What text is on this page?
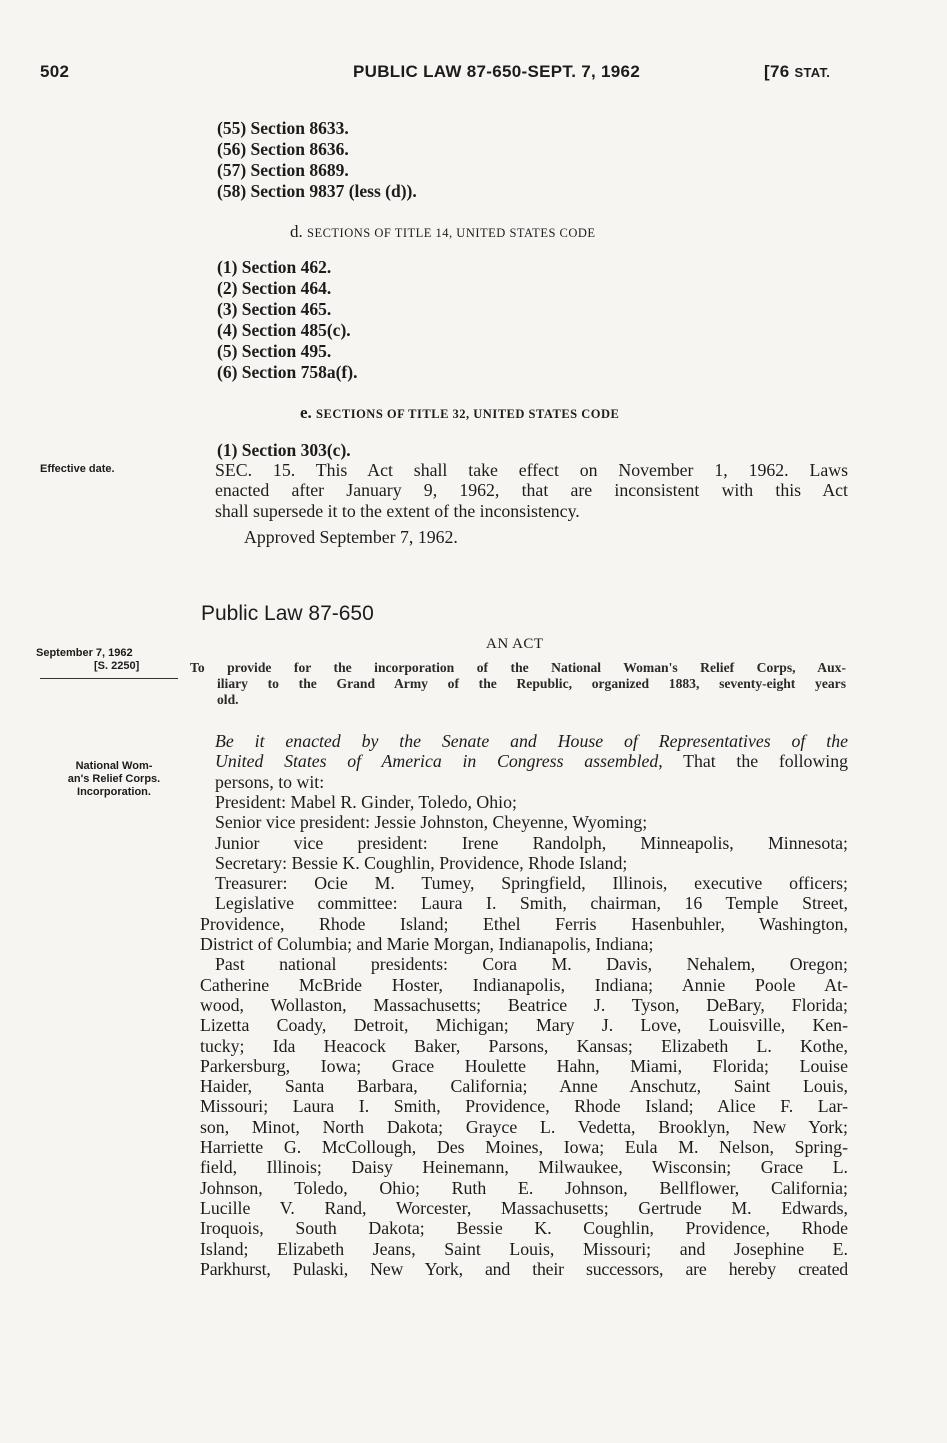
502	PUBLIC LAW 87-650-SEPT. 7, 1962	[76 STAT.
(55) Section 8633.
(56) Section 8636.
(57) Section 8689.
(58) Section 9837 (less (d)).
d. SECTIONS OF TITLE 14, UNITED STATES CODE
(1) Section 462.
(2) Section 464.
(3) Section 465.
(4) Section 485(c).
(5) Section 495.
(6) Section 758a(f).
e. SECTIONS OF TITLE 32, UNITED STATES CODE
(1) Section 303(c).
Effective date.	SEC. 15. This Act shall take effect on November 1, 1962. Laws

enacted after January 9, 1962, that are inconsistent with this Act

shall supersede it to the extent of the inconsistency.

Approved September 7, 1962.
Public Law 87-650
AN ACT
September 7, 1962
[S. 2250]	To provide for the incorporation of the National Woman's Relief Corps, Aux-
iliary to the Grand Army of the Republic, organized 1883, seventy-eight years
old.
National Wom-
an's Relief Corps.
Incorporation.

Be it enacted by the Senate and House of Representatives of the

United States of America in Congress assembled, That the following

persons, to wit:

President: Mabel R. Ginder, Toledo, Ohio;

Senior vice president: Jessie Johnston, Cheyenne, Wyoming;

Junior vice president: Irene Randolph, Minneapolis, Minnesota;

Secretary: Bessie K. Coughlin, Providence, Rhode Island;

Treasurer: Ocie M. Tumey, Springfield, Illinois, executive officers;

Legislative committee: Laura I. Smith, chairman, 16 Temple Street,

Providence, Rhode Island; Ethel Ferris Hasenbuhler, Washington,

District of Columbia; and Marie Morgan, Indianapolis, Indiana;

Past national presidents: Cora M. Davis, Nehalem, Oregon;

Catherine McBride Hoster, Indianapolis, Indiana; Annie Poole At-

wood, Wollaston, Massachusetts; Beatrice J. Tyson, DeBary, Florida;

Lizetta Coady, Detroit, Michigan; Mary J. Love, Louisville, Ken-

tucky; Ida Heacock Baker, Parsons, Kansas; Elizabeth L. Kothe,

Parkersburg, Iowa; Grace Houlette Hahn, Miami, Florida; Louise

Haider, Santa Barbara, California; Anne Anschutz, Saint Louis,

Missouri; Laura I. Smith, Providence, Rhode Island; Alice F. Lar-

son, Minot, North Dakota; Grayce L. Vedetta, Brooklyn, New York;

Harriette G. McCollough, Des Moines, Iowa; Eula M. Nelson, Spring-

field, Illinois; Daisy Heinemann, Milwaukee, Wisconsin; Grace L.

Johnson, Toledo, Ohio; Ruth E. Johnson, Bellflower, California;

Lucille V. Rand, Worcester, Massachusetts; Gertrude M. Edwards,

Iroquois, South Dakota; Bessie K. Coughlin, Providence, Rhode

Island; Elizabeth Jeans, Saint Louis, Missouri; and Josephine E.

Parkhurst, Pulaski, New York, and their successors, are hereby created
